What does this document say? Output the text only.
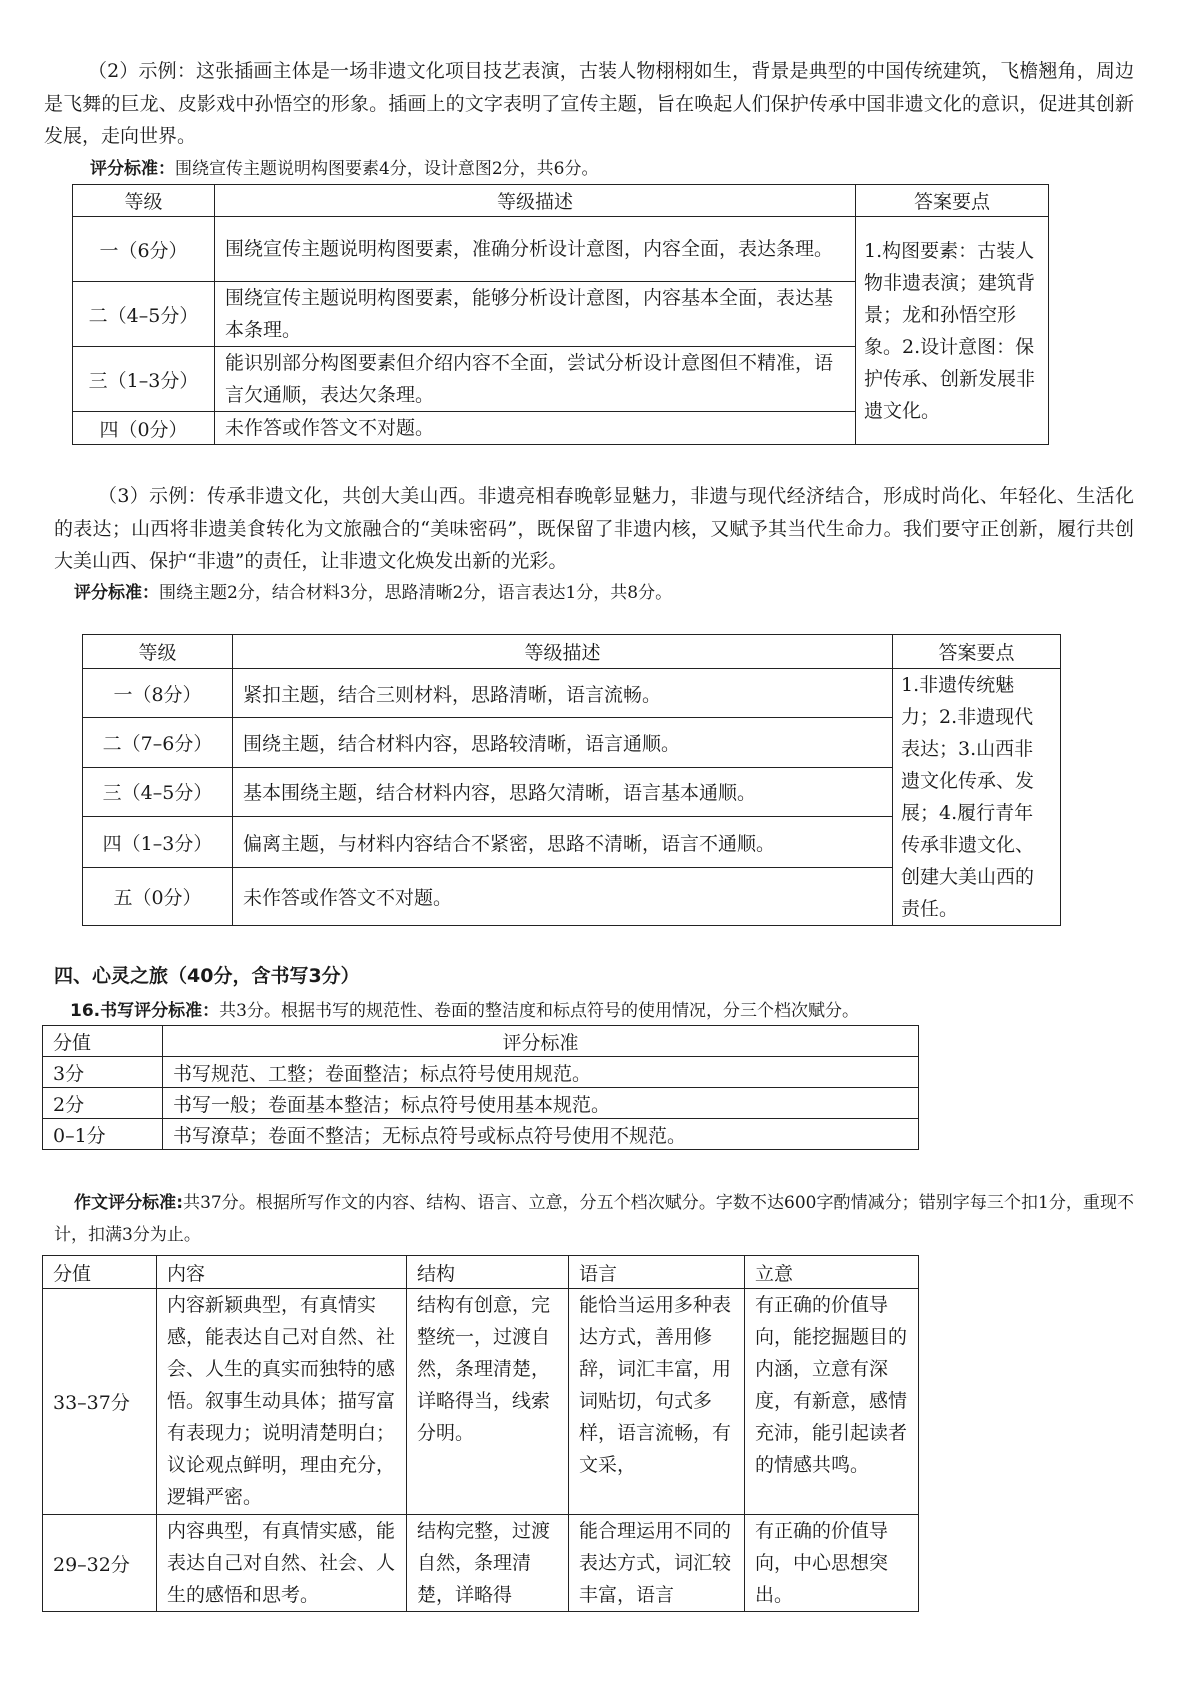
（2）示例：这张插画主体是一场非遗文化项目技艺表演，古装人物栩栩如生，背景是典型的中国传统建筑，飞檐翘角，周边是飞舞的巨龙、皮影戏中孙悟空的形象。插画上的文字表明了宣传主题，旨在唤起人们保护传承中国非遗文化的意识，促进其创新发展，走向世界。

评分标准：围绕宣传主题说明构图要素4分，设计意图2分，共6分。

等级	等级描述	答案要点
一（6分）	围绕宣传主题说明构图要素，准确分析设计意图，内容全面，表达条理。	1.构图要素：古装人物非遗表演；建筑背景；龙和孙悟空形象。2.设计意图：保护传承、创新发展非遗文化。
二（4–5分）	围绕宣传主题说明构图要素，能够分析设计意图，内容基本全面，表达基本条理。	
三（1–3分）	能识别部分构图要素但介绍内容不全面，尝试分析设计意图但不精准，语言欠通顺，表达欠条理。	
四（0分）	未作答或作答文不对题。	

（3）示例：传承非遗文化，共创大美山西。非遗亮相春晚彰显魅力，非遗与现代经济结合，形成时尚化、年轻化、生活化的表达；山西将非遗美食转化为文旅融合的“美味密码”，既保留了非遗内核，又赋予其当代生命力。我们要守正创新，履行共创大美山西、保护“非遗”的责任，让非遗文化焕发出新的光彩。

评分标准：围绕主题2分，结合材料3分，思路清晰2分，语言表达1分，共8分。

等级	等级描述	答案要点
一（8分）	紧扣主题，结合三则材料，思路清晰，语言流畅。	1.非遗传统魅力；2.非遗现代表达；3.山西非遗文化传承、发展；4.履行青年传承非遗文化、创建大美山西的责任。
二（7–6分）	围绕主题，结合材料内容，思路较清晰，语言通顺。	
三（4–5分）	基本围绕主题，结合材料内容，思路欠清晰，语言基本通顺。	
四（1–3分）	偏离主题，与材料内容结合不紧密，思路不清晰，语言不通顺。	
五（0分）	未作答或作答文不对题。	
四、心灵之旅（40分，含书写3分）

16.书写评分标准：共3分。根据书写的规范性、卷面的整洁度和标点符号的使用情况，分三个档次赋分。

分值	评分标准
3分	书写规范、工整；卷面整洁；标点符号使用规范。
2分	书写一般；卷面基本整洁；标点符号使用基本规范。
0–1分	书写潦草；卷面不整洁；无标点符号或标点符号使用不规范。

作文评分标准:共37分。根据所写作文的内容、结构、语言、立意，分五个档次赋分。字数不达600字酌情减分；错别字每三个扣1分，重现不计，扣满3分为止。

分值	内容	结构	语言	立意
33–37分	内容新颖典型，有真情实感，能表达自己对自然、社会、人生的真实而独特的感悟。叙事生动具体；描写富有表现力；说明清楚明白；议论观点鲜明，理由充分，逻辑严密。	结构有创意，完整统一，过渡自然，条理清楚，详略得当，线索分明。	能恰当运用多种表达方式，善用修辞，词汇丰富，用词贴切，句式多样，语言流畅，有文采，	有正确的价值导向，能挖掘题目的内涵，立意有深度，有新意，感情充沛，能引起读者的情感共鸣。
29–32分	内容典型，有真情实感，能表达自己对自然、社会、人生的感悟和思考。	结构完整，过渡自然，条理清楚，详略得	能合理运用不同的表达方式，词汇较丰富，语言	有正确的价值导向，中心思想突出。
